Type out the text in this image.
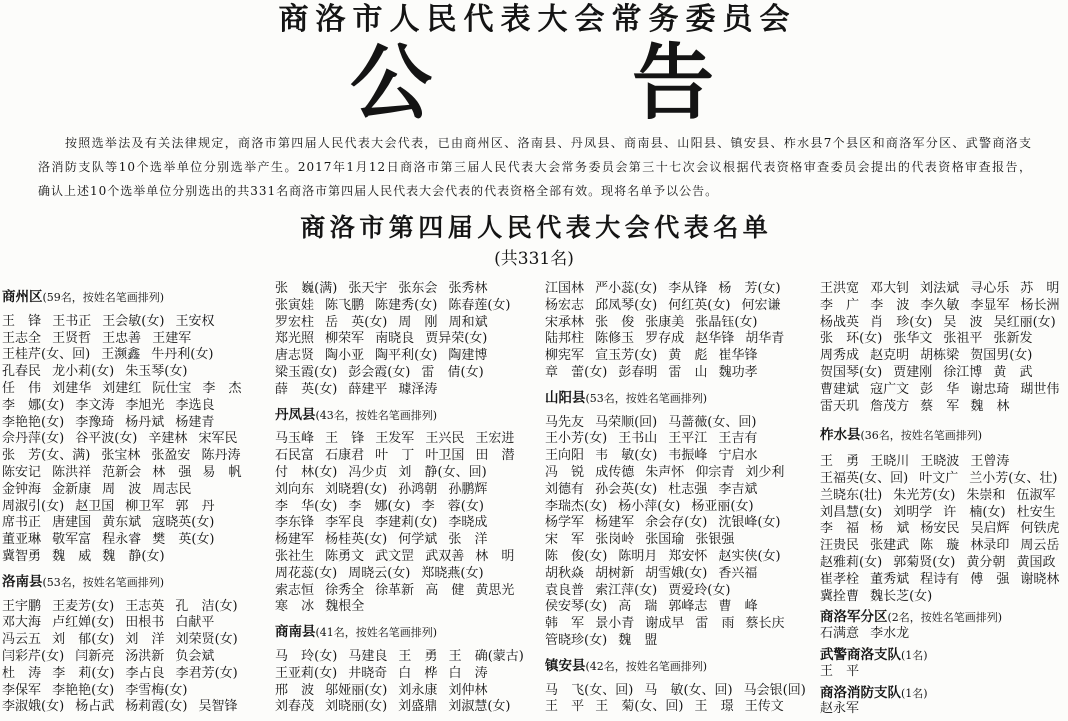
商洛市人民代表大会常务委员会
公 告
按照选举法及有关法律规定，商洛市第四届人民代表大会代表，已由商州区、洛南县、丹凤县、商南县、山阳县、镇安县、柞水县7个县区和商洛军分区、武警商洛支
洛消防支队等10个选举单位分别选举产生。2017年1月12日商洛市第三届人民代表大会常务委员会第三十七次会议根据代表资格审查委员会提出的代表资格审查报告，
确认上述10个选举单位分别选出的共331名商洛市第四届人民代表大会代表的代表资格全部有效。现将名单予以公告。
商洛市第四届人民代表大会代表名单
(共331名)
商州区(59名，按姓名笔画排列)
王 锋 王书正 王会敏(女) 王安权
王志全 王贤哲 王忠善 王建军
王桂芹(女、回) 王濒鑫 牛丹利(女)
孔春民 龙小莉(女) 朱玉琴(女)
任 伟 刘建华 刘建红 阮仕宝 李 杰
李 娜(女) 李文涛 李旭光 李选良
李艳艳(女) 李豫琦 杨丹斌 杨建青
佘丹萍(女) 谷平波(女) 辛建林 宋军民
张 芳(女、满) 张宝林 张盈安 陈丹涛
陈安记 陈洪祥 范新会 林 强 易 帆
金钟海 金新康 周 波 周志民
周淑引(女) 赵卫国 柳卫军 郭 丹
席书正 唐建国 黄东斌 寇晓英(女)
董亚琳 敬军富 程永睿 樊 英(女)
冀智勇 魏 威 魏 静(女)
洛南县(53名，按姓名笔画排列)
王宇鹏 王麦芳(女) 王志英 孔 洁(女)
邓大海 卢红婵(女) 田根书 白献平
冯云五 刘 郁(女) 刘 洋 刘荣贤(女)
闫彩芹(女) 闫新亮 汤洪新 负会斌
杜 涛 李 莉(女) 李占良 李君芳(女)
李保军 李艳艳(女) 李雪梅(女)
李淑娥(女) 杨占武 杨莉霞(女) 吴智锋
张 巍(满) 张天宇 张东会 张秀林
张寅娃 陈飞鹏 陈建秀(女) 陈春莲(女)
罗宏柱 岳 英(女) 周 刚 周和斌
郑光照 柳荣军 南晓良 贾异荣(女)
唐志贤 陶小亚 陶平利(女) 陶建博
梁玉霞(女) 彭会霞(女) 雷 倩(女)
薛 英(女) 薛建平 璩泽涛
丹凤县(43名，按姓名笔画排列)
马玉峰 王 锋 王发军 王兴民 王宏进
石民富 石康君 叶 丁 叶卫国 田 潜
付 林(女) 冯少贞 刘 静(女、回)
刘向东 刘晓碧(女) 孙鸿朝 孙鹏辉
李 华(女) 李 娜(女) 李 蓉(女)
李东锋 李军良 李建莉(女) 李晓成
杨建军 杨桂英(女) 何学斌 张 洋
张社生 陈勇文 武文罡 武双善 林 明
周花蕊(女) 周晓云(女) 郑晓燕(女)
索志恒 徐秀全 徐革新 高 健 黄思光
寒 冰 魏根全
商南县(41名，按姓名笔画排列)
马 玲(女) 马建良 王 勇 王 确(蒙古)
王亚莉(女) 井晓奇 白 桦 白 涛
邢 波 邬娅丽(女) 刘永康 刘仲林
刘春茂 刘晓丽(女) 刘盛鼎 刘淑慧(女)
江国林 严小蕊(女) 李从锋 杨 芳(女)
杨宏志 邱凤琴(女) 何红英(女) 何宏谦
宋承林 张 俊 张康美 张晶钰(女)
陆邦柱 陈修玉 罗存成 赵华锋 胡华青
柳宪军 宣玉芳(女) 黄 彪 崔华锋
章 蕾(女) 彭春明 雷 山 魏功孝
山阳县(53名，按姓名笔画排列)
马先友 马荣顺(回) 马蔷薇(女、回)
王小芳(女) 王书山 王平江 王吉有
王向阳 韦 敏(女) 韦振峰 宁启水
冯 锐 成传德 朱声怀 仰宗青 刘少利
刘德有 孙会英(女) 杜志强 李吉斌
李瑞杰(女) 杨小萍(女) 杨亚丽(女)
杨学军 杨建军 余会存(女) 沈银峰(女)
宋 军 张岗岭 张国瑜 张银强
陈 俊(女) 陈明月 郑安怀 赵实侠(女)
胡秋焱 胡树新 胡雪娥(女) 香兴福
袁良普 索江萍(女) 贾爱玲(女)
侯安琴(女) 高 瑞 郭峰志 曹 峰
韩 军 景小青 谢成早 雷 雨 蔡长庆
管晓珍(女) 魏 盟
镇安县(42名，按姓名笔画排列)
马 飞(女、回) 马 敏(女、回) 马会银(回)
王 平 王 菊(女、回) 王 璟 王传文
王洪宽 邓大钊 刘法斌 寻心乐 苏 明
李 广 李 波 李久敏 李显军 杨长洲
杨战英 肖 珍(女) 吴 波 吴红丽(女)
张 环(女) 张华文 张祖平 张新发
周秀成 赵克明 胡栋梁 贺国男(女)
贺国琴(女) 贾建刚 徐江博 黄 武
曹建斌 寇广文 彭 华 谢忠琦 瑚世伟
雷天玑 詹茂方 蔡 军 魏 林
柞水县(36名，按姓名笔画排列)
王 勇 王晓川 王晓波 王曾涛
王福英(女、回) 叶文广 兰小芳(女、壮)
兰晓东(壮) 朱光芳(女) 朱崇和 伍淑军
刘昌慧(女) 刘明学 许 楠(女) 杜安生
李 福 杨 斌 杨安民 吴启辉 何铁虎
汪贵民 张建武 陈 璇 林录印 周云岳
赵雅莉(女) 郭菊贤(女) 黄分朝 黄国政
崔孝栓 董秀斌 程诗有 傅 强 谢晓林
冀拴曹 魏长芝(女)
商洛军分区(2名，按姓名笔画排列)
石满意 李水龙
武警商洛支队(1名)
王 平
商洛消防支队(1名)
赵永军
